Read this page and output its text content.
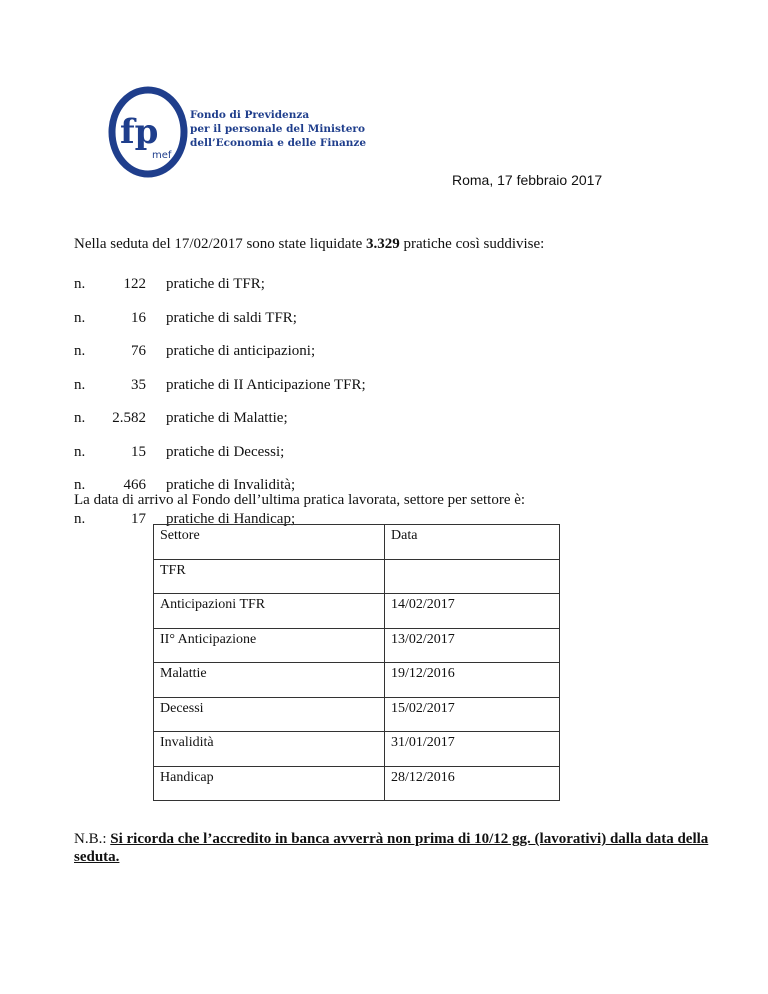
fp
mef
Fondo di Previdenza
per il personale del Ministero
dell’Economia e delle Finanze
Roma, 17 febbraio 2017
Nella seduta del 17/02/2017 sono state liquidate 3.329 pratiche così suddivise:
n.	122 pratiche di TFR;
n.	16 pratiche di saldi TFR;
n.	76 pratiche di anticipazioni;
n.	35 pratiche di II Anticipazione TFR;
n.	2.582 pratiche di Malattie;
n.	15 pratiche di Decessi;
n.	466 pratiche di Invalidità;
n.	17 pratiche di Handicap;
La data di arrivo al Fondo dell’ultima pratica lavorata, settore per settore è:
Settore	Data
TFR	
Anticipazioni TFR	14/02/2017
II° Anticipazione	13/02/2017
Malattie	19/12/2016
Decessi	15/02/2017
Invalidità	31/01/2017
Handicap	28/12/2016
N.B.: Si ricorda che l’accredito in banca avverrà non prima di 10/12 gg. (lavorativi) dalla data della seduta.
